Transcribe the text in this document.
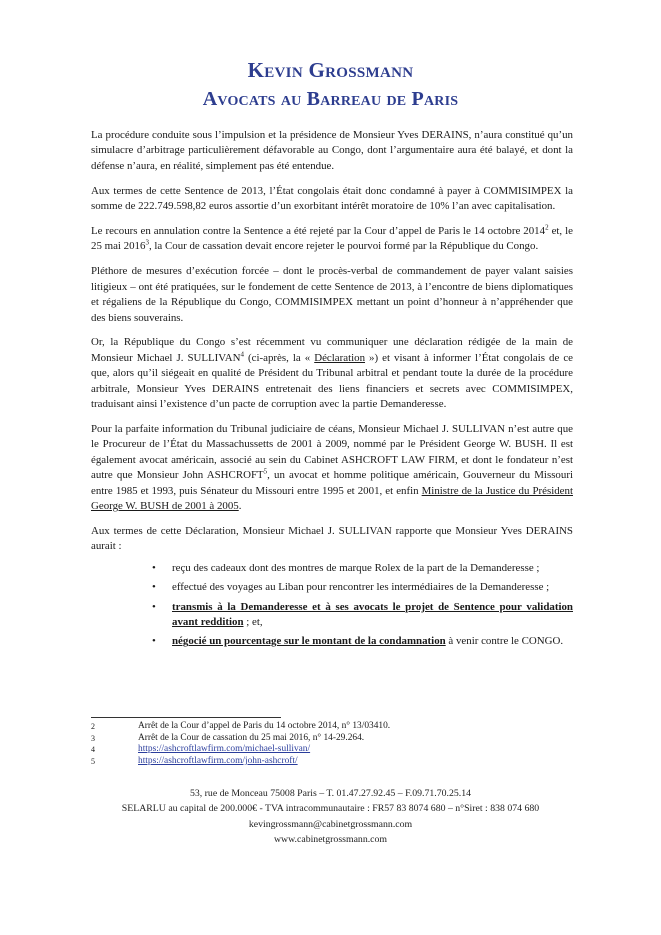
Kevin Grossmann
Avocats au Barreau de Paris

La procédure conduite sous l’impulsion et la présidence de Monsieur Yves DERAINS, n’aura constitué qu’un simulacre d’arbitrage particulièrement défavorable au Congo, dont l’argumentaire aura été balayé, et dont la défense n’aura, en réalité, simplement pas été entendue.

Aux termes de cette Sentence de 2013, l’État congolais était donc condamné à payer à COMMISIMPEX la somme de 222.749.598,82 euros assortie d’un exorbitant intérêt moratoire de 10% l’an avec capitalisation.

Le recours en annulation contre la Sentence a été rejeté par la Cour d’appel de Paris le 14 octobre 2014$^2$ et, le 25 mai 2016$^3$, la Cour de cassation devait encore rejeter le pourvoi formé par la République du Congo.

Pléthore de mesures d’exécution forcée – dont le procès-verbal de commandement de payer valant saisies litigieux – ont été pratiquées, sur le fondement de cette Sentence de 2013, à l’encontre de biens diplomatiques et régaliens de la République du Congo, COMMISIMPEX mettant un point d’honneur à n’appréhender que des biens souverains.

Or, la République du Congo s’est récemment vu communiquer une déclaration rédigée de la main de Monsieur Michael J. SULLIVAN$^4$ (ci-après, la « Déclaration ») et visant à informer l’État congolais de ce que, alors qu’il siégeait en qualité de Président du Tribunal arbitral et pendant toute la durée de la procédure arbitrale, Monsieur Yves DERAINS entretenait des liens financiers et secrets avec COMMISIMPEX, traduisant ainsi l’existence d’un pacte de corruption avec la partie Demanderesse.

Pour la parfaite information du Tribunal judiciaire de céans, Monsieur Michael J. SULLIVAN n’est autre que le Procureur de l’État du Massachussetts de 2001 à 2009, nommé par le Président George W. BUSH. Il est également avocat américain, associé au sein du Cabinet ASHCROFT LAW FIRM, et dont le fondateur n’est autre que Monsieur John ASHCROFT$^5$, un avocat et homme politique américain, Gouverneur du Missouri entre 1985 et 1993, puis Sénateur du Missouri entre 1995 et 2001, et enfin Ministre de la Justice du Président George W. BUSH de 2001 à 2005.

Aux termes de cette Déclaration, Monsieur Michael J. SULLIVAN rapporte que Monsieur Yves DERAINS aurait :

• reçu des cadeaux dont des montres de marque Rolex de la part de la Demanderesse ;
• effectué des voyages au Liban pour rencontrer les intermédiaires de la Demanderesse ;
• transmis à la Demanderesse et à ses avocats le projet de Sentence pour validation avant reddition ; et,
• négocié un pourcentage sur le montant de la condamnation à venir contre le CONGO.
2	Arrêt de la Cour d’appel de Paris du 14 octobre 2014, n° 13/03410.
3	Arrêt de la Cour de cassation du 25 mai 2016, n° 14-29.264.
4	https://ashcroftlawfirm.com/michael-sullivan/
5	https://ashcroftlawfirm.com/john-ashcroft/
53, rue de Monceau 75008 Paris – T. 01.47.27.92.45 – F.09.71.70.25.14
SELARLU au capital de 200.000€ - TVA intracommunautaire : FR57 83 8074 680 – n°Siret : 838 074 680
kevingrossmann@cabinetgrossmann.com
www.cabinetgrossmann.com
